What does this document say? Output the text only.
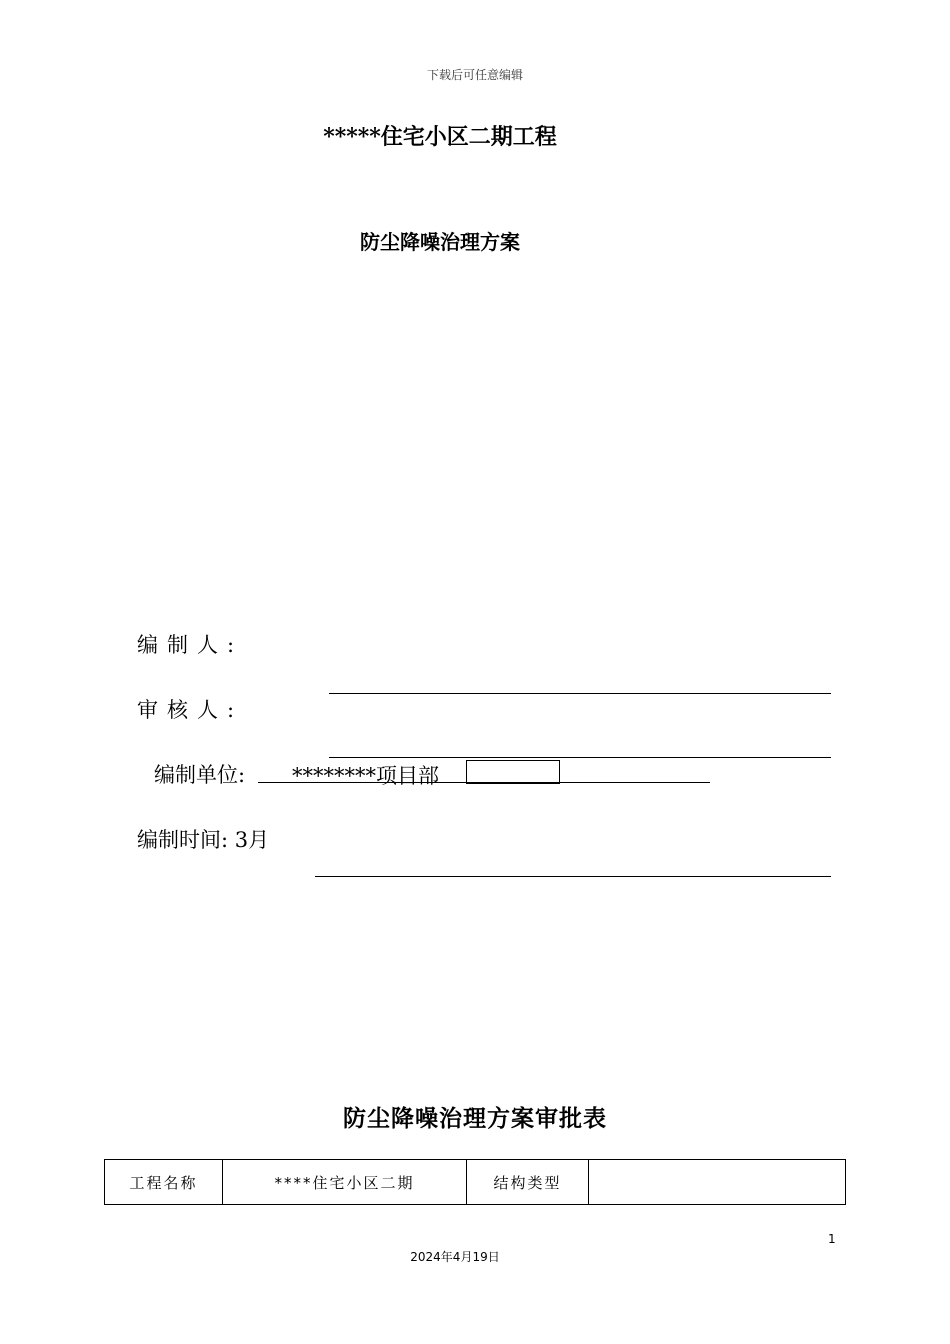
下载后可任意编辑
*****住宅小区二期工程
防尘降噪治理方案
编制人:
审核人:
编制单位: ********项目部
编制时间: 3月
防尘降噪治理方案审批表
工程名称	****住宅小区二期	结构类型	
1
2024年4月19日
